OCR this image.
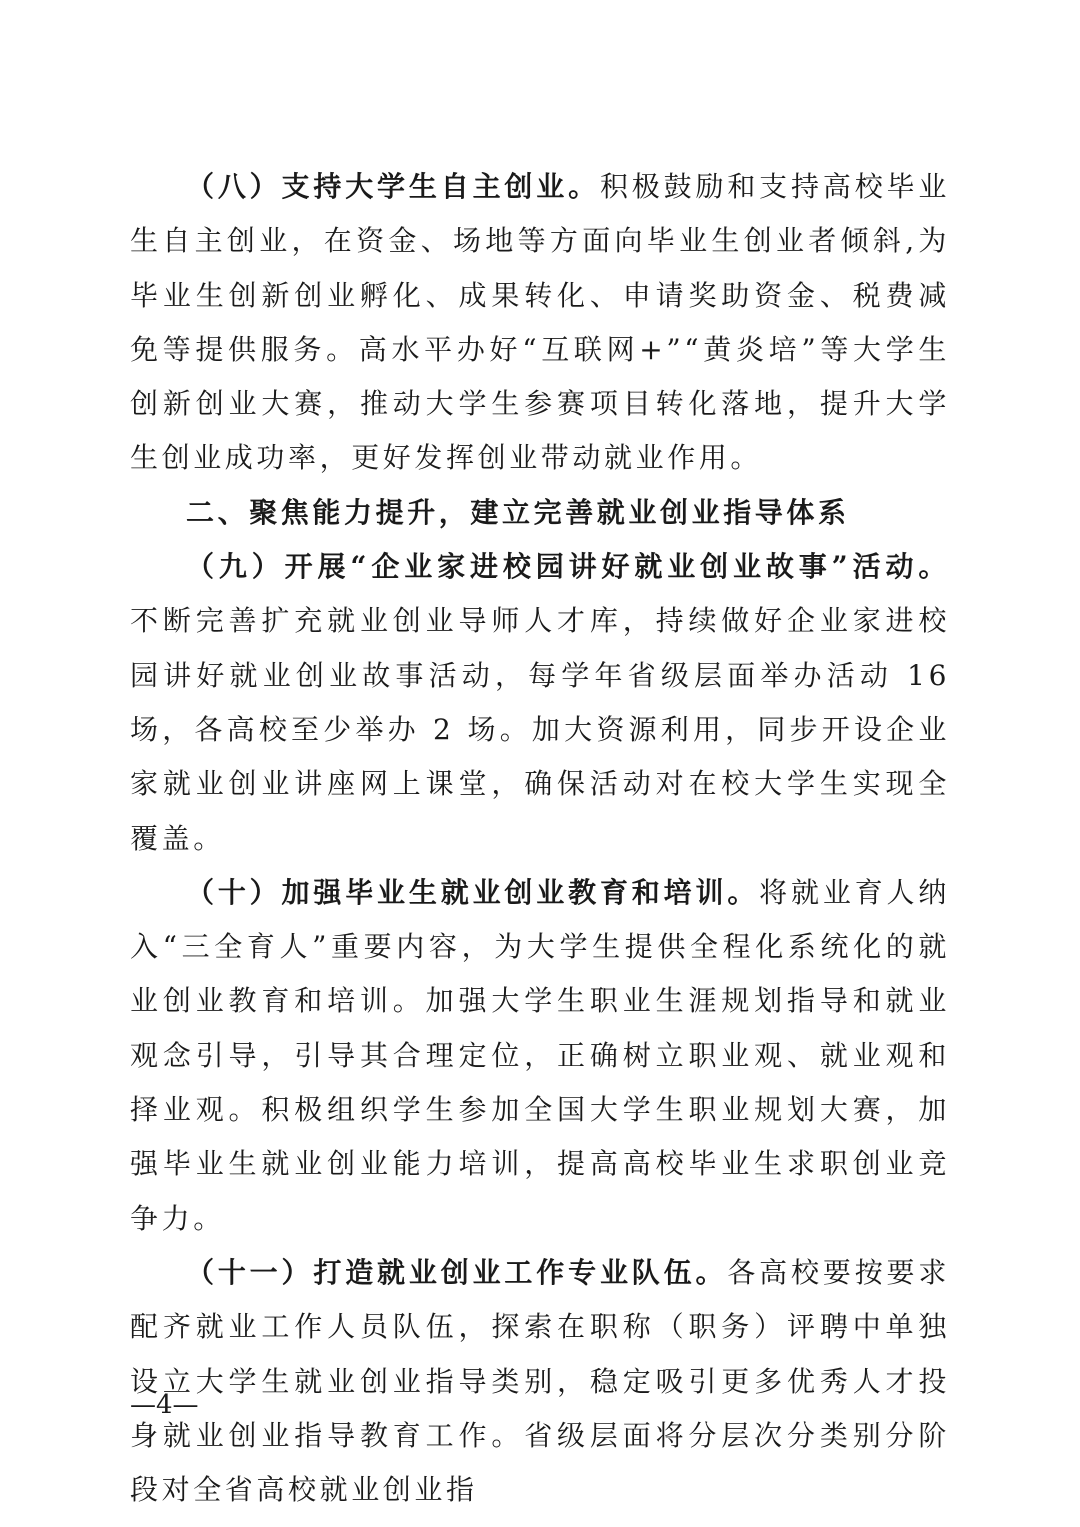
（八）支持大学生自主创业。积极鼓励和支持高校毕业生自主创业，在资金、场地等方面向毕业生创业者倾斜,为毕业生创新创业孵化、成果转化、申请奖助资金、税费减免等提供服务。高水平办好“互联网+”“黄炎培”等大学生创新创业大赛，推动大学生参赛项目转化落地，提升大学生创业成功率，更好发挥创业带动就业作用。

二、聚焦能力提升，建立完善就业创业指导体系

（九）开展“企业家进校园讲好就业创业故事”活动。不断完善扩充就业创业导师人才库，持续做好企业家进校园讲好就业创业故事活动，每学年省级层面举办活动 16 场，各高校至少举办 2 场。加大资源利用，同步开设企业家就业创业讲座网上课堂，确保活动对在校大学生实现全覆盖。

（十）加强毕业生就业创业教育和培训。将就业育人纳入“三全育人”重要内容，为大学生提供全程化系统化的就业创业教育和培训。加强大学生职业生涯规划指导和就业观念引导，引导其合理定位，正确树立职业观、就业观和择业观。积极组织学生参加全国大学生职业规划大赛，加强毕业生就业创业能力培训，提高高校毕业生求职创业竞争力。

（十一）打造就业创业工作专业队伍。各高校要按要求配齐就业工作人员队伍，探索在职称（职务）评聘中单独设立大学生就业创业指导类别，稳定吸引更多优秀人才投身就业创业指导教育工作。省级层面将分层次分类别分阶段对全省高校就业创业指

—4—
